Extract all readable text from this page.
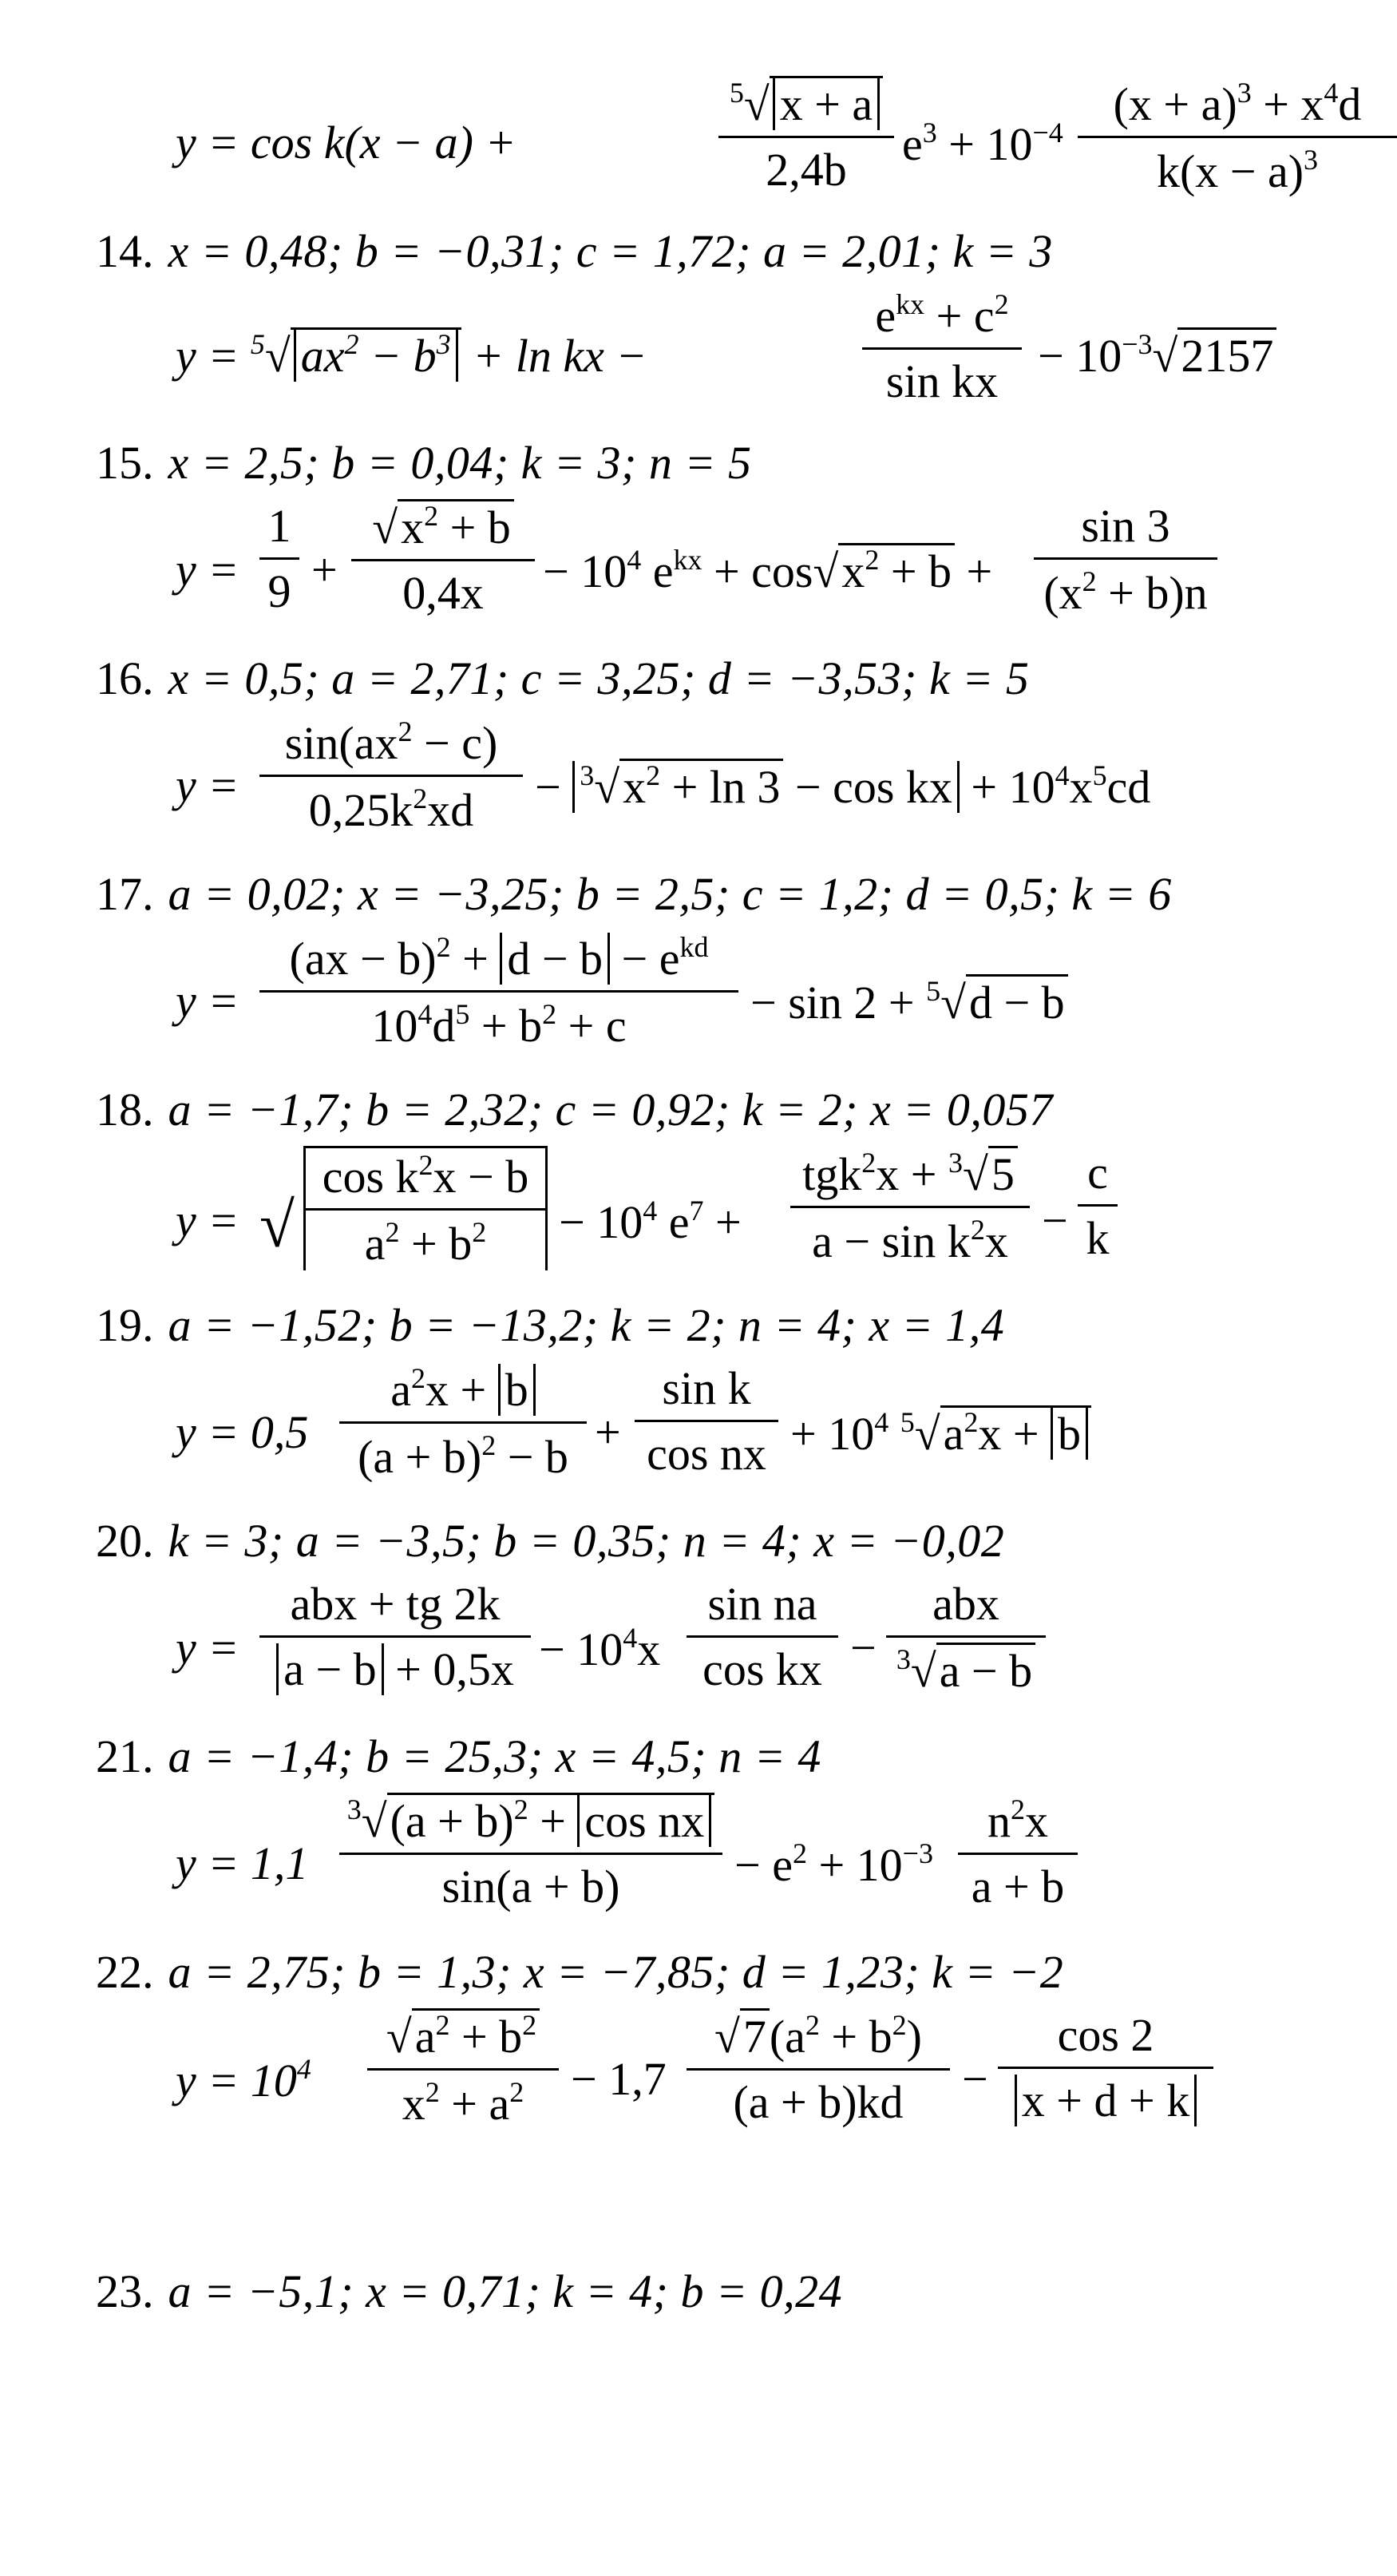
y = cos k(x − a) +
$^5$√ x + a
2,4b	$e^3 + 10^{-4}$
$(x + a)^3 + x^4d$
$k(x - a)^3$
14. x = 0,48; b = −0,31; c = 1,72; a = 2,01; k = 3
y = $^5$√ $ax^2 - b^3 + \ln$ kx −
$e^{kx} + c^2$
sin kx − $10^{-3}√2157$
15. x = 2,5; b = 0,04; k = 3; n = 5
y =
1
9 +
$√x^2 + b$
0,4x	− $10^4$ $e^{kx} + \cos√x^2 + b$ +
sin 3
$(x^2 + b)n$
16. x = 0,5; a = 2,71; c = 3,25; d = −3,53; k = 5
y =
$\sin(ax^2 - c)$
$0,25k^2xd$	− $^3√x^2 + \ln 3 - \cos$ kx + $10^4x^5cd$
17. a = 0,02; x = −3,25; b = 2,5; c = 1,2; d = 0,5; k = 6
y =
$(ax - b)^2 + d - b - e^{kd}$
$10^4d^5 + b^2 + c$	− sin 2 + $^5$√d − b
18. a = −1,7; b = 2,32; c = 0,92; k = 2; x = 0,057
y = √
$\cos k^2x - b$
$a^2 + b^2$	− $10^4$ $e^7$ +
tgk$^2$x + $^3$√5
$a - \sin k^2x$ −
c
k
19. a = −1,52; b = −13,2; k = 2; n = 4; x = 1,4
y = 0,5
$a^2x + b$
$(a + b)^2 - b$ +
sin k
cos nx + $10^4$ $^5√a^2x + b$
20. k = 3; a = −3,5; b = 0,35; n = 4; x = −0,02
y =
abx + tg 2k
$a - b + 0,5x - 10^4x$
sin na
cos kx −
abx
$^3$√a − b
21. a = −1,4; b = 25,3; x = 4,5; n = 4
y = 1,1
$^3√(a + b)^2 + \cos$ nx
sin(a + b)	− $e^2 + 10^{-3}$
$n^2x$
a + b
22. a = 2,75; b = 1,3; x = −7,85; d = 1,23; k = −2
$y = 10^4$
$√a^2 + b^2$
$x^2 + a^2$	− 1,7
$√7(a^2 + b^2)$
(a + b)kd	−
cos 2
x + d + k
23. a = −5,1; x = 0,71; k = 4; b = 0,24
